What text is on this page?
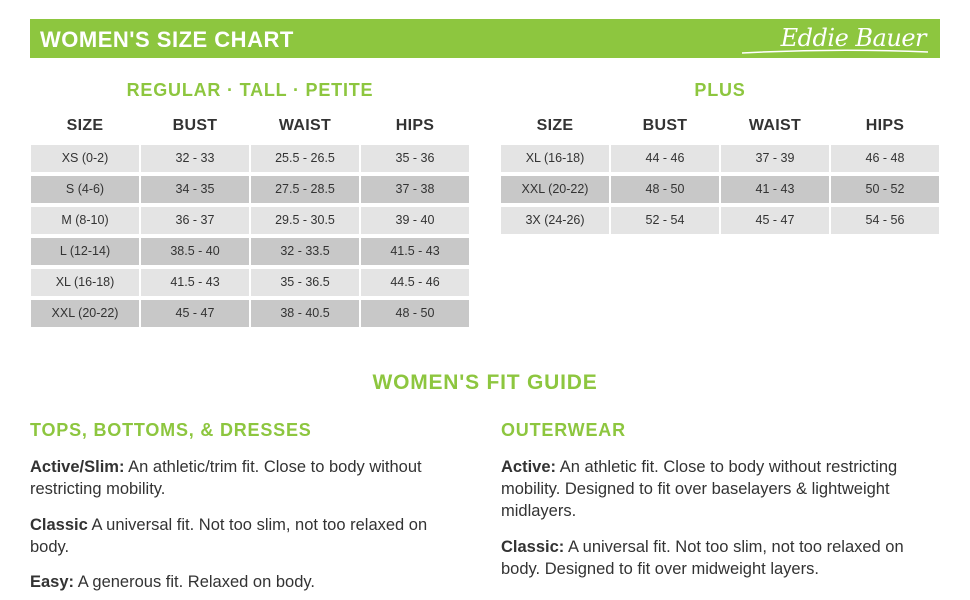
WOMEN'S SIZE CHART	Eddie Bauer
REGULAR · TALL · PETITE	PLUS
SIZE	BUST	WAIST	HIPS
XS (0-2)	32 - 33	25.5 - 26.5	35 - 36
S (4-6)	34 - 35	27.5 - 28.5	37 - 38
M (8-10)	36 - 37	29.5 - 30.5	39 - 40
L (12-14)	38.5 - 40	32 - 33.5	41.5 - 43
XL (16-18)	41.5 - 43	35 - 36.5	44.5 - 46
XXL (20-22)	45 - 47	38 - 40.5	48 - 50
SIZE	BUST	WAIST	HIPS
XL (16-18)	44 - 46	37 - 39	46 - 48
XXL (20-22)	48 - 50	41 - 43	50 - 52
3X (24-26)	52 - 54	45 - 47	54 - 56
WOMEN'S FIT GUIDE
TOPS, BOTTOMS, & DRESSES	OUTERWEAR
Active/Slim: An athletic/trim fit. Close to body without restricting mobility.
Classic A universal fit. Not too slim, not too relaxed on body.
Easy: A generous fit. Relaxed on body.
Active: An athletic fit. Close to body without restricting mobility. Designed to fit over baselayers & lightweight midlayers.
Classic: A universal fit. Not too slim, not too relaxed on body. Designed to fit over midweight layers.
